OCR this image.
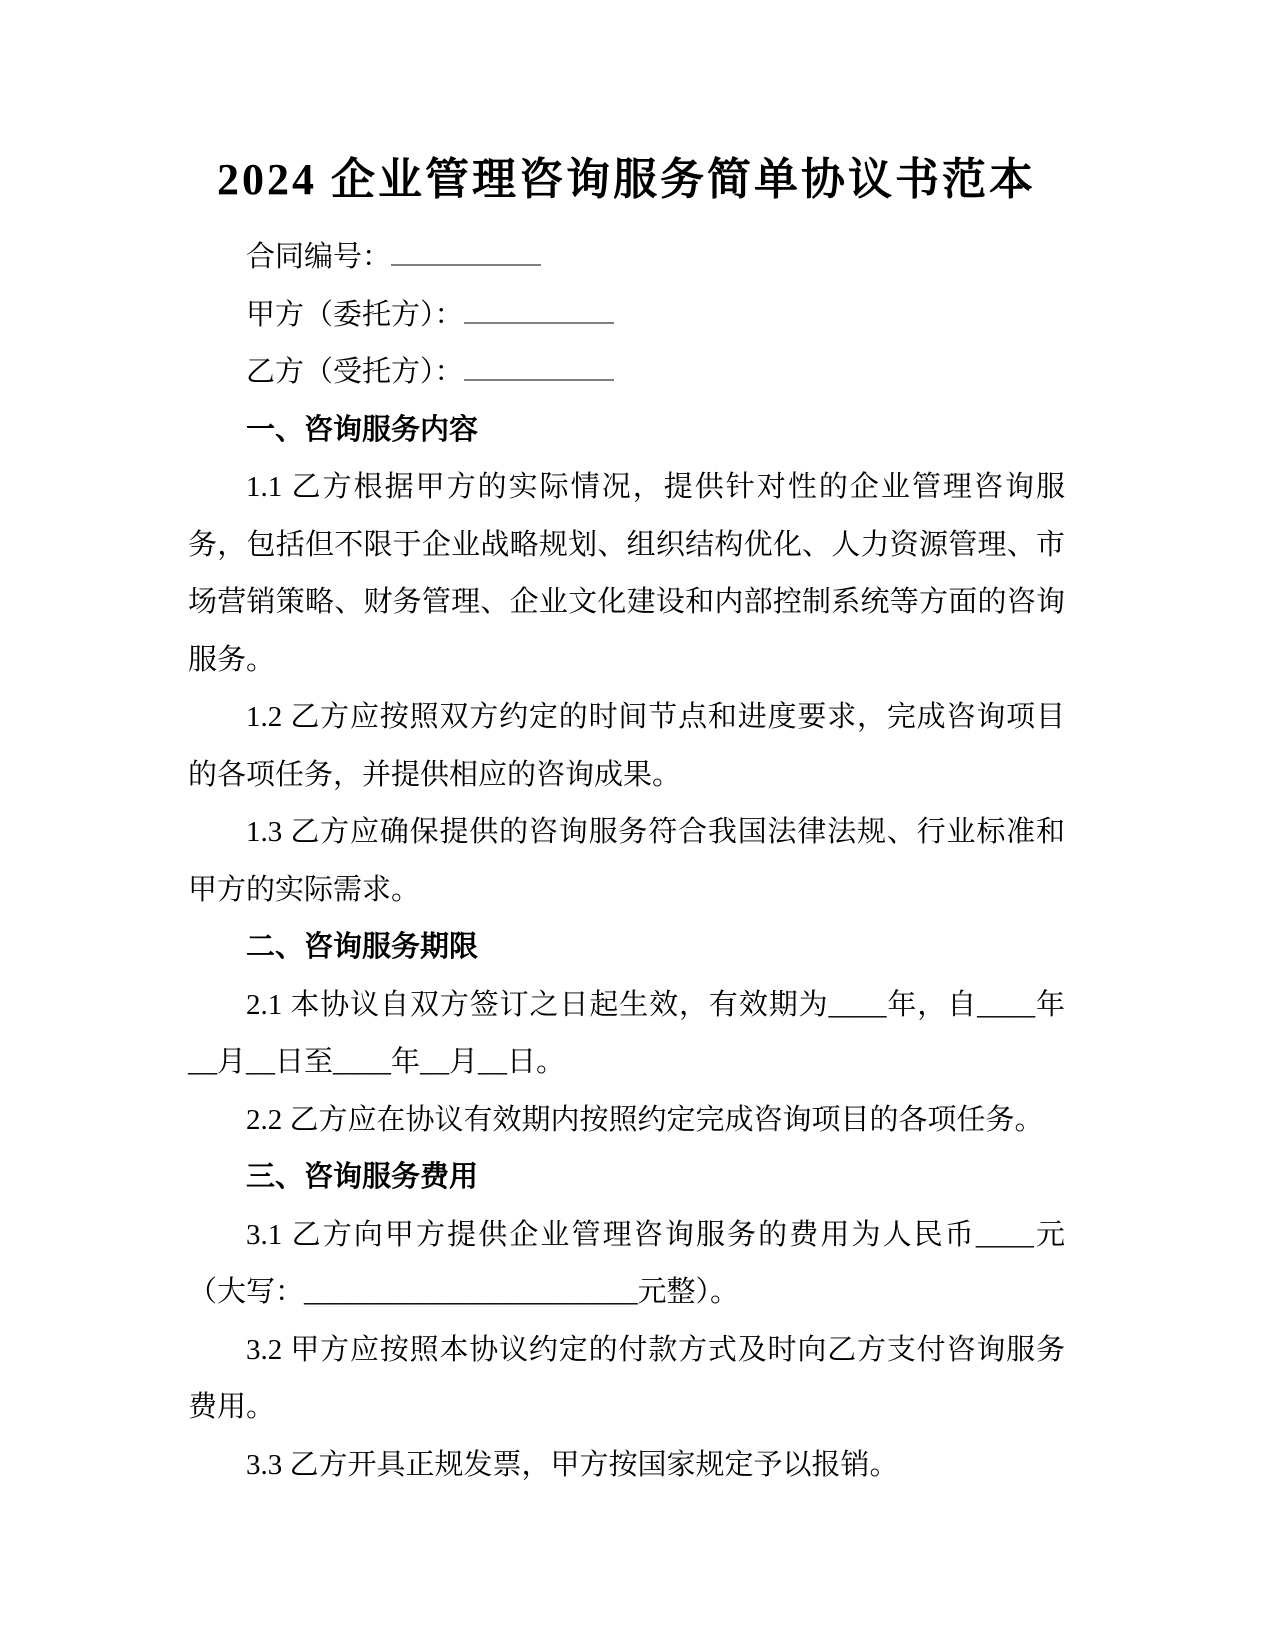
2024 企业管理咨询服务简单协议书范本

合同编号：

甲方（委托方）：

乙方（受托方）：

一、咨询服务内容

1.1 乙方根据甲方的实际情况，提供针对性的企业管理咨询服务，包括但不限于企业战略规划、组织结构优化、人力资源管理、市场营销策略、财务管理、企业文化建设和内部控制系统等方面的咨询服务。

1.2 乙方应按照双方约定的时间节点和进度要求，完成咨询项目的各项任务，并提供相应的咨询成果。

1.3 乙方应确保提供的咨询服务符合我国法律法规、行业标准和甲方的实际需求。

二、咨询服务期限

2.1 本协议自双方签订之日起生效，有效期为____年，自____年__月__日至____年__月__日。

2.2 乙方应在协议有效期内按照约定完成咨询项目的各项任务。

三、咨询服务费用

3.1 乙方向甲方提供企业管理咨询服务的费用为人民币____元（大写：_______________________元整）。

3.2 甲方应按照本协议约定的付款方式及时向乙方支付咨询服务费用。

3.3 乙方开具正规发票，甲方按国家规定予以报销。
